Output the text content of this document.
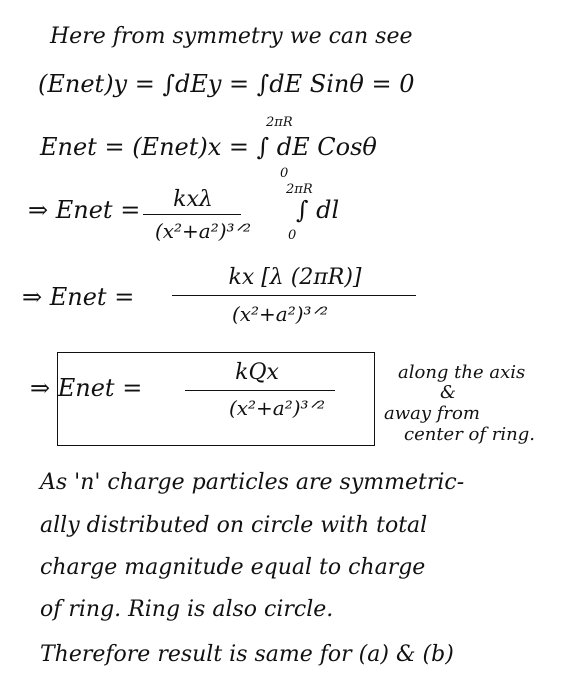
Here from symmetry we can see
(Enet)y = ∫dEy = ∫dE Sinθ = 0
2πR
Enet = (Enet)x = ∫ dE Cosθ
0
⇒ Enet =	kxλ
(x²+a²)³ᐟ²
2πR
∫ dl
0
⇒ Enet =
kx [λ (2πR)]
(x²+a²)³ᐟ²
⇒ Enet =
kQx
(x²+a²)³ᐟ²
along the axis
&
away from
center of ring.
As 'n' charge particles are symmetric-
ally distributed on circle with total
charge magnitude equal to charge
of ring. Ring is also circle.
Therefore result is same for (a) & (b)
